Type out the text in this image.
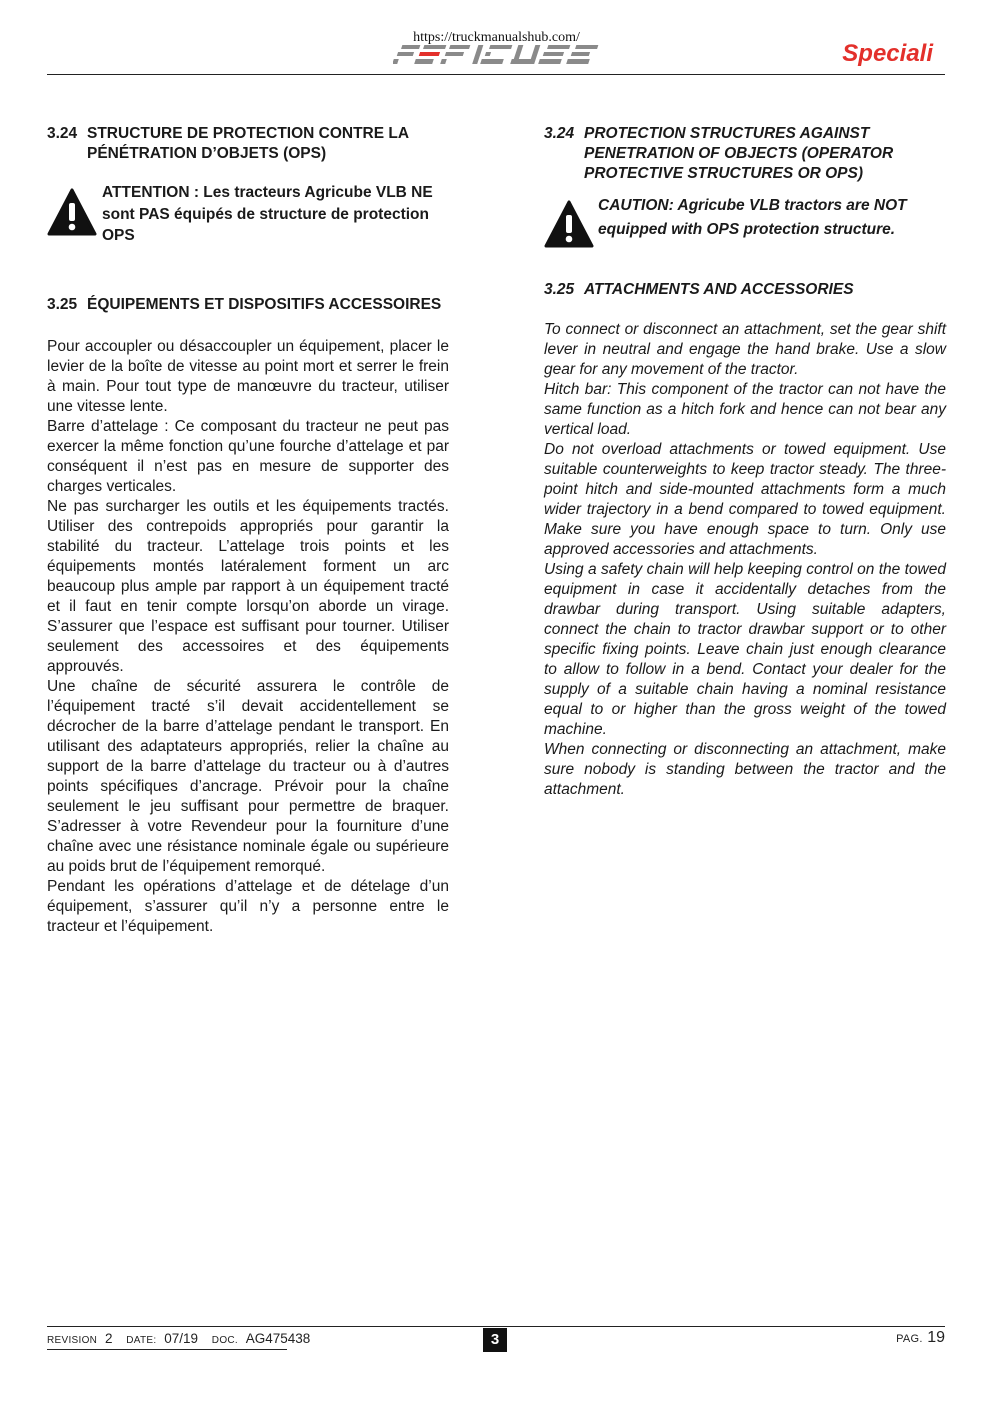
https://truckmanualshub.com/
Speciali
3.24 STRUCTURE DE PROTECTION CONTRE LA PÉNÉTRATION D’OBJETS (OPS)
ATTENTION : Les tracteurs Agricube VLB NE sont PAS équipés de structure de protection OPS
3.25 ÉQUIPEMENTS ET DISPOSITIFS ACCESSOIRES

Pour accoupler ou désaccoupler un équipement, placer le levier de la boîte de vitesse au point mort et serrer le frein à main. Pour tout type de manœuvre du tracteur, utiliser une vitesse lente.

Barre d’attelage : Ce composant du tracteur ne peut pas exercer la même fonction qu’une fourche d’attelage et par conséquent il n’est pas en mesure de supporter des charges verticales.

Ne pas surcharger les outils et les équipements tractés. Utiliser des contrepoids appropriés pour garantir la stabilité du tracteur. L’attelage trois points et les équipements montés latéralement forment un arc beaucoup plus ample par rapport à un équipement tracté et il faut en tenir compte lorsqu’on aborde un virage. S’assurer que l’espace est suffisant pour tourner. Utiliser seulement des accessoires et des équipements approuvés.

Une chaîne de sécurité assurera le contrôle de l’équipement tracté s’il devait accidentellement se décrocher de la barre d’attelage pendant le transport. En utilisant des adaptateurs appropriés, relier la chaîne au support de la barre d’attelage du tracteur ou à d’autres points spécifiques d’ancrage. Prévoir pour la chaîne seulement le jeu suffisant pour permettre de braquer. S’adresser à votre Revendeur pour la fourniture d’une chaîne avec une résistance nominale égale ou supérieure au poids brut de l’équipement remorqué.

Pendant les opérations d’attelage et de dételage d’un équipement, s’assurer qu’il n’y a personne entre le tracteur et l’équipement.

3.24 PROTECTION STRUCTURES AGAINST PENETRATION OF OBJECTS (OPERATOR PROTECTIVE STRUCTURES OR OPS)
CAUTION: Agricube VLB tractors are NOT equipped with OPS protection structure.
3.25 ATTACHMENTS AND ACCESSORIES

To connect or disconnect an attachment, set the gear shift lever in neutral and engage the hand brake. Use a slow gear for any movement of the tractor.

Hitch bar: This component of the tractor can not have the same function as a hitch fork and hence can not bear any vertical load.

Do not overload attachments or towed equipment. Use suitable counterweights to keep tractor steady. The three-point hitch and side-mounted attachments form a much wider trajectory in a bend compared to towed equipment. Make sure you have enough space to turn. Only use approved accessories and attachments.

Using a safety chain will help keeping control on the towed equipment in case it accidentally detaches from the drawbar during transport. Using suitable adapters, connect the chain to tractor drawbar support or to other specific fixing points. Leave chain just enough clearance to allow to follow in a bend. Contact your dealer for the supply of a suitable chain having a nominal resistance equal to or higher than the gross weight of the towed machine.

When connecting or disconnecting an attachment, make sure nobody is standing between the tractor and the attachment.

REVISION 2 DATE: 07/19 DOC. AG475438	3	PAG. 19
